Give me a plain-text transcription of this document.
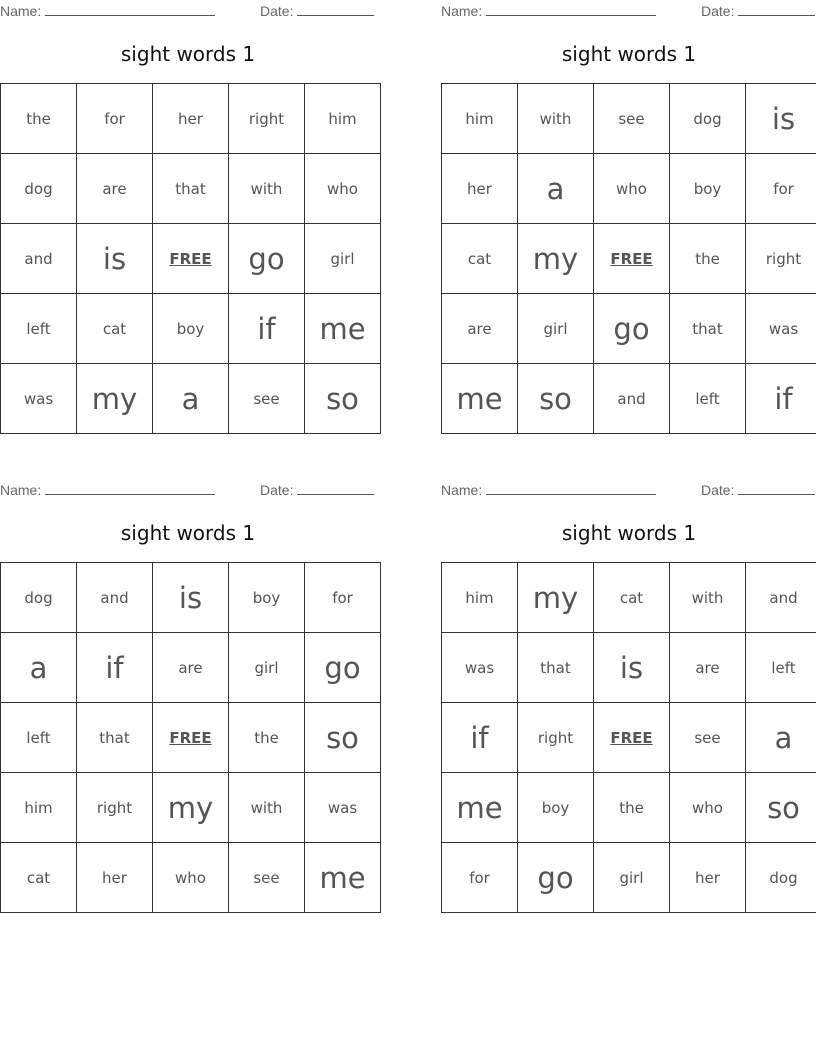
Name:	Date:
sight words 1
the	for	her	right	him
dog	are	that	with	who
and	is	FREE	go	girl
left	cat	boy	if	me
was	my	a	see	so
Name:	Date:
sight words 1
him	with	see	dog	is
her	a	who	boy	for
cat	my	FREE	the	right
are	girl	go	that	was
me	so	and	left	if
Name:	Date:
sight words 1
dog	and	is	boy	for
a	if	are	girl	go
left	that	FREE	the	so
him	right	my	with	was
cat	her	who	see	me
Name:	Date:
sight words 1
him	my	cat	with	and
was	that	is	are	left
if	right	FREE	see	a
me	boy	the	who	so
for	go	girl	her	dog
